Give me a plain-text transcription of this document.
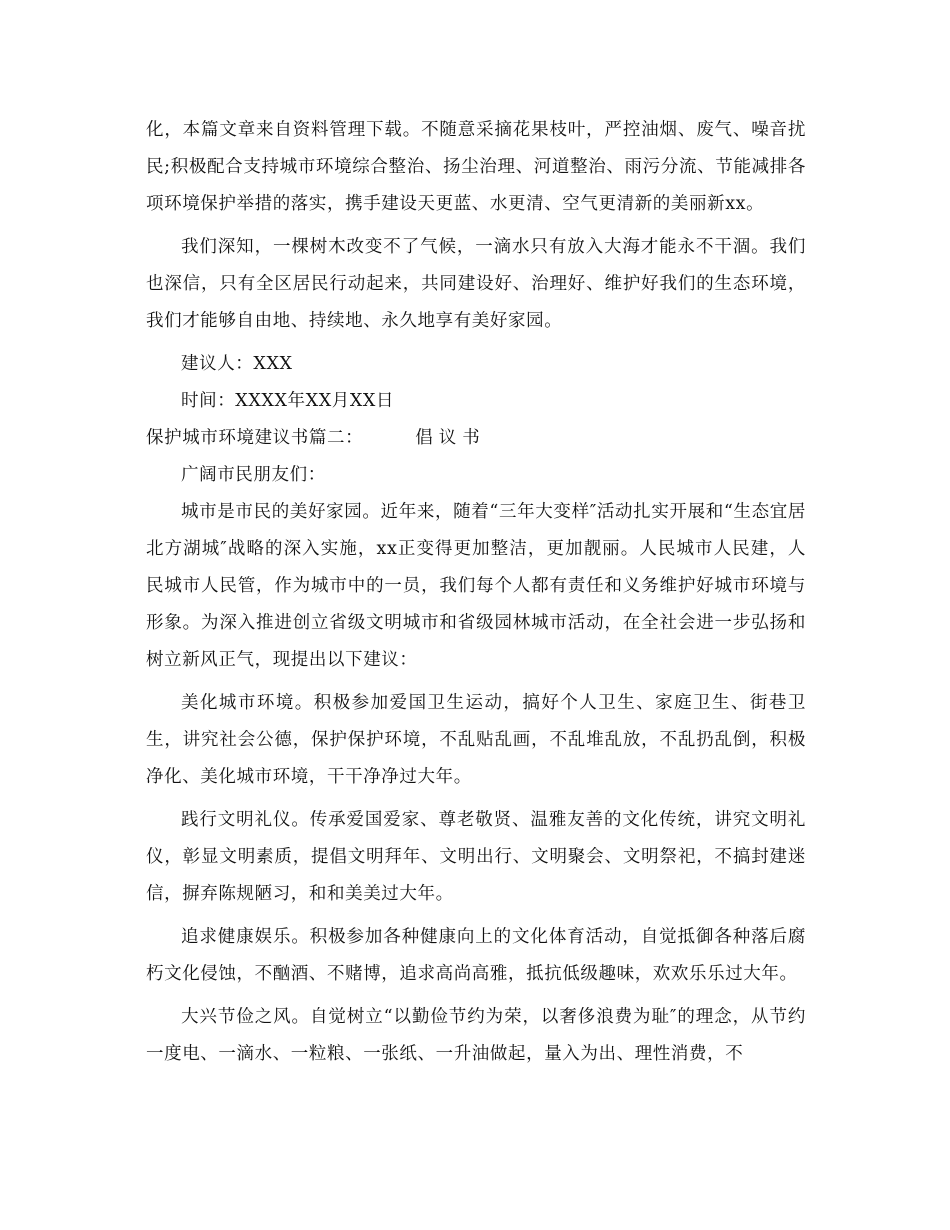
化，本篇文章来自资料管理下载。不随意采摘花果枝叶，严控油烟、废气、噪音扰民;积极配合支持城市环境综合整治、扬尘治理、河道整治、雨污分流、节能减排各项环境保护举措的落实，携手建设天更蓝、水更清、空气更清新的美丽新xx。

我们深知，一棵树木改变不了气候，一滴水只有放入大海才能永不干涸。我们也深信，只有全区居民行动起来，共同建设好、治理好、维护好我们的生态环境，我们才能够自由地、持续地、永久地享有美好家园。

建议人：XXX

时间：XXXX年XX月XX日

保护城市环境建议书篇二：	倡议书

广阔市民朋友们：

城市是市民的美好家园。近年来，随着“三年大变样″活动扎实开展和“生态宜居北方湖城″战略的深入实施，xx正变得更加整洁，更加靓丽。人民城市人民建，人民城市人民管，作为城市中的一员，我们每个人都有责任和义务维护好城市环境与形象。为深入推进创立省级文明城市和省级园林城市活动，在全社会进一步弘扬和树立新风正气，现提出以下建议：

美化城市环境。积极参加爱国卫生运动，搞好个人卫生、家庭卫生、街巷卫生，讲究社会公德，保护保护环境，不乱贴乱画，不乱堆乱放，不乱扔乱倒，积极净化、美化城市环境，干干净净过大年。

践行文明礼仪。传承爱国爱家、尊老敬贤、温雅友善的文化传统，讲究文明礼仪，彰显文明素质，提倡文明拜年、文明出行、文明聚会、文明祭祀，不搞封建迷信，摒弃陈规陋习，和和美美过大年。

追求健康娱乐。积极参加各种健康向上的文化体育活动，自觉抵御各种落后腐朽文化侵蚀，不酗酒、不赌博，追求高尚高雅，抵抗低级趣味，欢欢乐乐过大年。

大兴节俭之风。自觉树立“以勤俭节约为荣，以奢侈浪费为耻″的理念，从节约一度电、一滴水、一粒粮、一张纸、一升油做起，量入为出、理性消费，不
